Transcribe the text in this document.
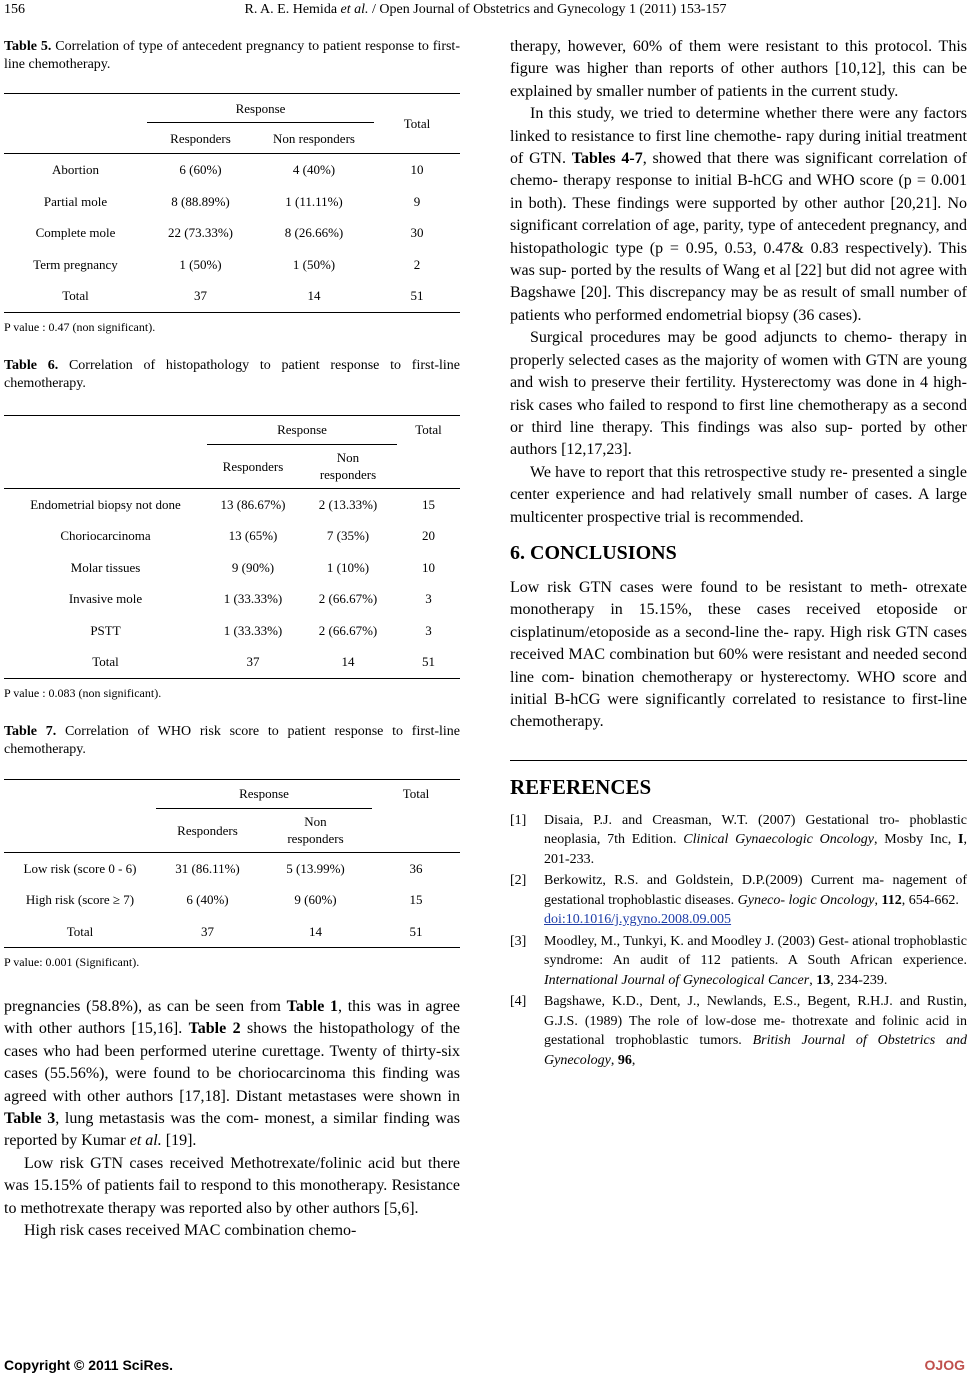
156	R. A. E. Hemida et al. / Open Journal of Obstetrics and Gynecology 1 (2011) 153-157

Table 5. Correlation of type of antecedent pregnancy to patient response to first-line chemotherapy.

	Response		Total
	Responders	Non responders	
Abortion	6 (60%)	4 (40%)	10
Partial mole	8 (88.89%)	1 (11.11%)	9
Complete mole	22 (73.33%)	8 (26.66%)	30
Term pregnancy	1 (50%)	1 (50%)	2
Total	37	14	51

P value : 0.47 (non significant).

Table 6. Correlation of histopathology to patient response to first-line chemotherapy.

	Response		Total
	Responders	Non
responders	
Endometrial biopsy not done	13 (86.67%)	2 (13.33%)	15
Choriocarcinoma	13 (65%)	7 (35%)	20
Molar tissues	9 (90%)	1 (10%)	10
Invasive mole	1 (33.33%)	2 (66.67%)	3
PSTT	1 (33.33%)	2 (66.67%)	3
Total	37	14	51

P value : 0.083 (non significant).

Table 7. Correlation of WHO risk score to patient response to first-line chemotherapy.

	Response		Total
	Responders	Non
responders	
Low risk (score 0 - 6)	31 (86.11%)	5 (13.99%)	36
High risk (score ≥ 7)	6 (40%)	9 (60%)	15
Total	37	14	51

P value: 0.001 (Significant).

pregnancies (58.8%), as can be seen from Table 1, this was in agree with other authors [15,16]. Table 2 shows the histopathology of the cases who had been performed uterine curettage. Twenty of thirty-six cases (55.56%), were found to be choriocarcinoma this finding was agreed with other authors [17,18]. Distant metastases were shown in Table 3, lung metastasis was the com- monest, a similar finding was reported by Kumar et al. [19].

Low risk GTN cases received Methotrexate/folinic acid but there was 15.15% of patients fail to respond to this monotherapy. Resistance to methotrexate therapy was reported also by other authors [5,6].

High risk cases received MAC combination chemo-

therapy, however, 60% of them were resistant to this protocol. This figure was higher than reports of other authors [10,12], this can be explained by smaller number of patients in the current study.

In this study, we tried to determine whether there were any factors linked to resistance to first line chemothe- rapy during initial treatment of GTN. Tables 4-7, showed that there was significant correlation of chemo- therapy response to initial B-hCG and WHO score (p = 0.001 in both). These findings were supported by other author [20,21]. No significant correlation of age, parity, type of antecedent pregnancy, and histopathologic type (p = 0.95, 0.53, 0.47& 0.83 respectively). This was sup- ported by the results of Wang et al [22] but did not agree with Bagshawe [20]. This discrepancy may be as result of small number of patients who performed endometrial biopsy (36 cases).

Surgical procedures may be good adjuncts to chemo- therapy in properly selected cases as the majority of women with GTN are young and wish to preserve their fertility. Hysterectomy was done in 4 high-risk cases who failed to respond to first line chemotherapy as a second or third line therapy. This findings was also sup- ported by other authors [12,17,23].

We have to report that this retrospective study re- presented a single center experience and had relatively small number of cases. A large multicenter prospective trial is recommended.

6. CONCLUSIONS

Low risk GTN cases were found to be resistant to meth- otrexate monotherapy in 15.15%, these cases received etoposide or cisplatinum/etoposide as a second-line the- rapy. High risk GTN cases received MAC combination but 60% were resistant and needed second line com- bination chemotherapy or hysterectomy. WHO score and initial B-hCG were significantly correlated to resistance to first-line chemotherapy.

REFERENCES
[1]	Disaia, P.J. and Creasman, W.T. (2007) Gestational tro- phoblastic neoplasia, 7th Edition. Clinical Gynaecologic Oncology, Mosby Inc, I, 201-233.
[2]	Berkowitz, R.S. and Goldstein, D.P.(2009) Current ma- nagement of gestational trophoblastic diseases. Gyneco- logic Oncology, 112, 654-662.
doi:10.1016/j.ygyno.2008.09.005
[3]	Moodley, M., Tunkyi, K. and Moodley J. (2003) Gest- ational trophoblastic syndrome: An audit of 112 patients. A South African experience. International Journal of Gynecological Cancer, 13, 234-239.
[4]	Bagshawe, K.D., Dent, J., Newlands, E.S., Begent, R.H.J. and Rustin, G.J.S. (1989) The role of low-dose me- thotrexate and folinic acid in gestational trophoblastic tumors. British Journal of Obstetrics and Gynecology, 96,
Copyright © 2011 SciRes.	OJOG
